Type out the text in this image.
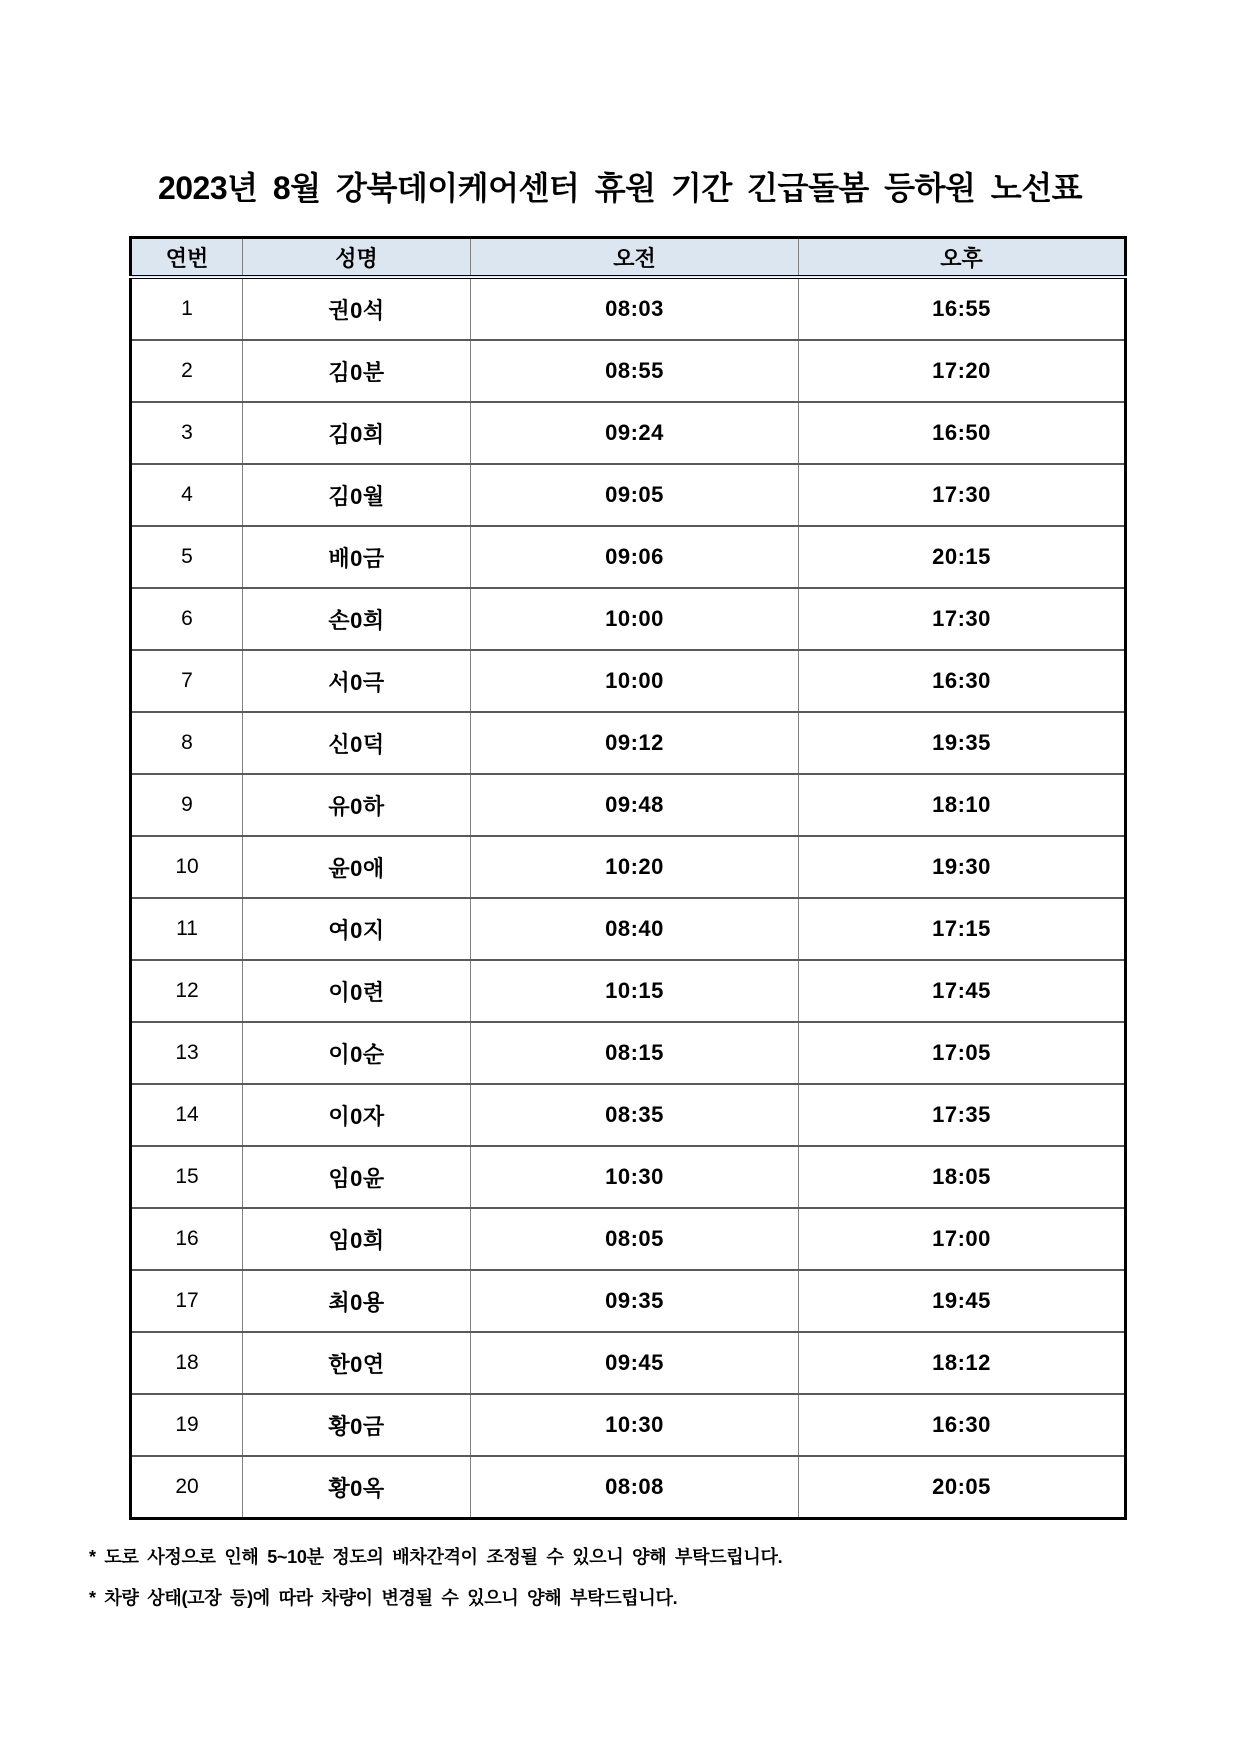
2023년 8월 강북데이케어센터 휴원 기간 긴급돌봄 등하원 노선표
연번	성명	오전	오후
1	권0석	08:03	16:55
2	김0분	08:55	17:20
3	김0희	09:24	16:50
4	김0월	09:05	17:30
5	배0금	09:06	20:15
6	손0희	10:00	17:30
7	서0극	10:00	16:30
8	신0덕	09:12	19:35
9	유0하	09:48	18:10
10	윤0애	10:20	19:30
11	여0지	08:40	17:15
12	이0련	10:15	17:45
13	이0순	08:15	17:05
14	이0자	08:35	17:35
15	임0윤	10:30	18:05
16	임0희	08:05	17:00
17	최0용	09:35	19:45
18	한0연	09:45	18:12
19	황0금	10:30	16:30
20	황0옥	08:08	20:05

* 도로 사정으로 인해 5~10분 정도의 배차간격이 조정될 수 있으니 양해 부탁드립니다.

* 차량 상태(고장 등)에 따라 차량이 변경될 수 있으니 양해 부탁드립니다.
